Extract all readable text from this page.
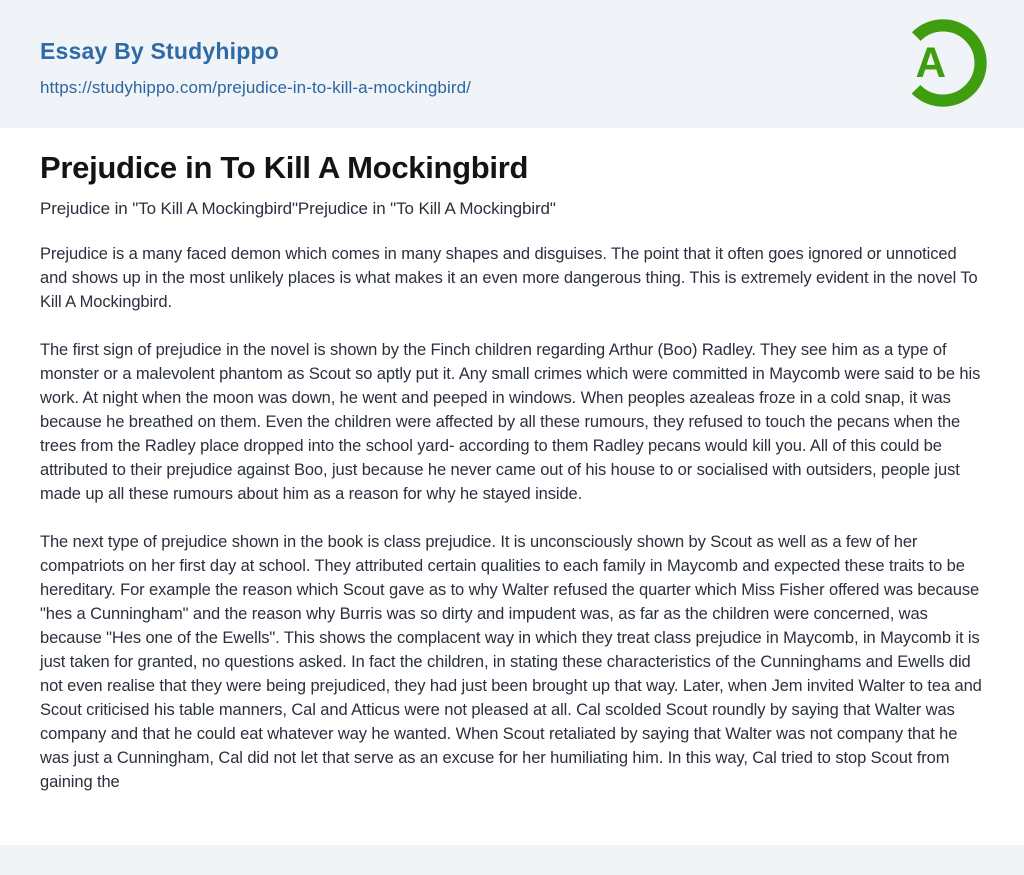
Essay By Studyhippo
https://studyhippo.com/prejudice-in-to-kill-a-mockingbird/
A
Prejudice in To Kill A Mockingbird
Prejudice in "To Kill A Mockingbird"Prejudice in "To Kill A Mockingbird"

Prejudice is a many faced demon which comes in many shapes and disguises. The point that it often goes ignored or unnoticed and shows up in the most unlikely places is what makes it an even more dangerous thing. This is extremely evident in the novel To Kill A Mockingbird.

The first sign of prejudice in the novel is shown by the Finch children regarding Arthur (Boo) Radley. They see him as a type of monster or a malevolent phantom as Scout so aptly put it. Any small crimes which were committed in Maycomb were said to be his work. At night when the moon was down, he went and peeped in windows. When peoples azealeas froze in a cold snap, it was because he breathed on them. Even the children were affected by all these rumours, they refused to touch the pecans when the trees from the Radley place dropped into the school yard- according to them Radley pecans would kill you. All of this could be attributed to their prejudice against Boo, just because he never came out of his house to or socialised with outsiders, people just made up all these rumours about him as a reason for why he stayed inside.

The next type of prejudice shown in the book is class prejudice. It is unconsciously shown by Scout as well as a few of her compatriots on her first day at school. They attributed certain qualities to each family in Maycomb and expected these traits to be hereditary. For example the reason which Scout gave as to why Walter refused the quarter which Miss Fisher offered was because "hes a Cunningham" and the reason why Burris was so dirty and impudent was, as far as the children were concerned, was because "Hes one of the Ewells". This shows the complacent way in which they treat class prejudice in Maycomb, in Maycomb it is just taken for granted, no questions asked. In fact the children, in stating these characteristics of the Cunninghams and Ewells did not even realise that they were being prejudiced, they had just been brought up that way. Later, when Jem invited Walter to tea and Scout criticised his table manners, Cal and Atticus were not pleased at all. Cal scolded Scout roundly by saying that Walter was company and that he could eat whatever way he wanted. When Scout retaliated by saying that Walter was not company that he was just a Cunningham, Cal did not let that serve as an excuse for her humiliating him. In this way, Cal tried to stop Scout from gaining the
